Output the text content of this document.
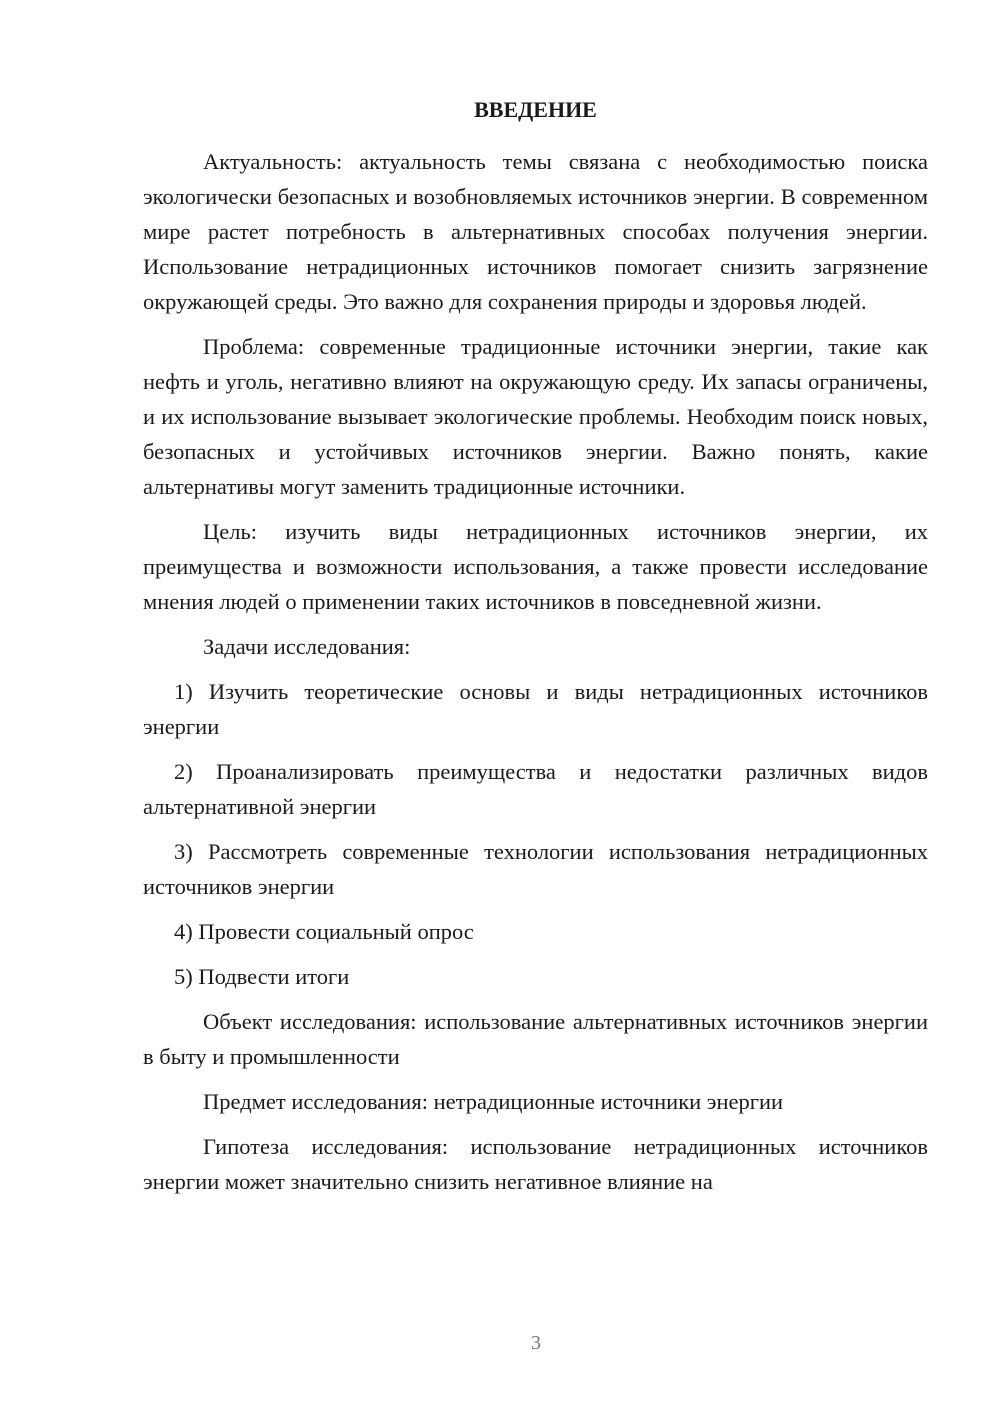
ВВЕДЕНИЕ

Актуальность: актуальность темы связана с необходимостью поиска экологически безопасных и возобновляемых источников энергии. В современном мире растет потребность в альтернативных способах получения энергии. Использование нетрадиционных источников помогает снизить загрязнение окружающей среды. Это важно для сохранения природы и здоровья людей.

Проблема: современные традиционные источники энергии, такие как нефть и уголь, негативно влияют на окружающую среду. Их запасы ограничены, и их использование вызывает экологические проблемы. Необходим поиск новых, безопасных и устойчивых источников энергии. Важно понять, какие альтернативы могут заменить традиционные источники.

Цель: изучить виды нетрадиционных источников энергии, их преимущества и возможности использования, а также провести исследование мнения людей о применении таких источников в повседневной жизни.

Задачи исследования:

1) Изучить теоретические основы и виды нетрадиционных источников энергии

2) Проанализировать преимущества и недостатки различных видов альтернативной энергии

3) Рассмотреть современные технологии использования нетрадиционных источников энергии

4) Провести социальный опрос

5) Подвести итоги

Объект исследования: использование альтернативных источников энергии в быту и промышленности

Предмет исследования: нетрадиционные источники энергии

Гипотеза исследования: использование нетрадиционных источников энергии может значительно снизить негативное влияние на

3
